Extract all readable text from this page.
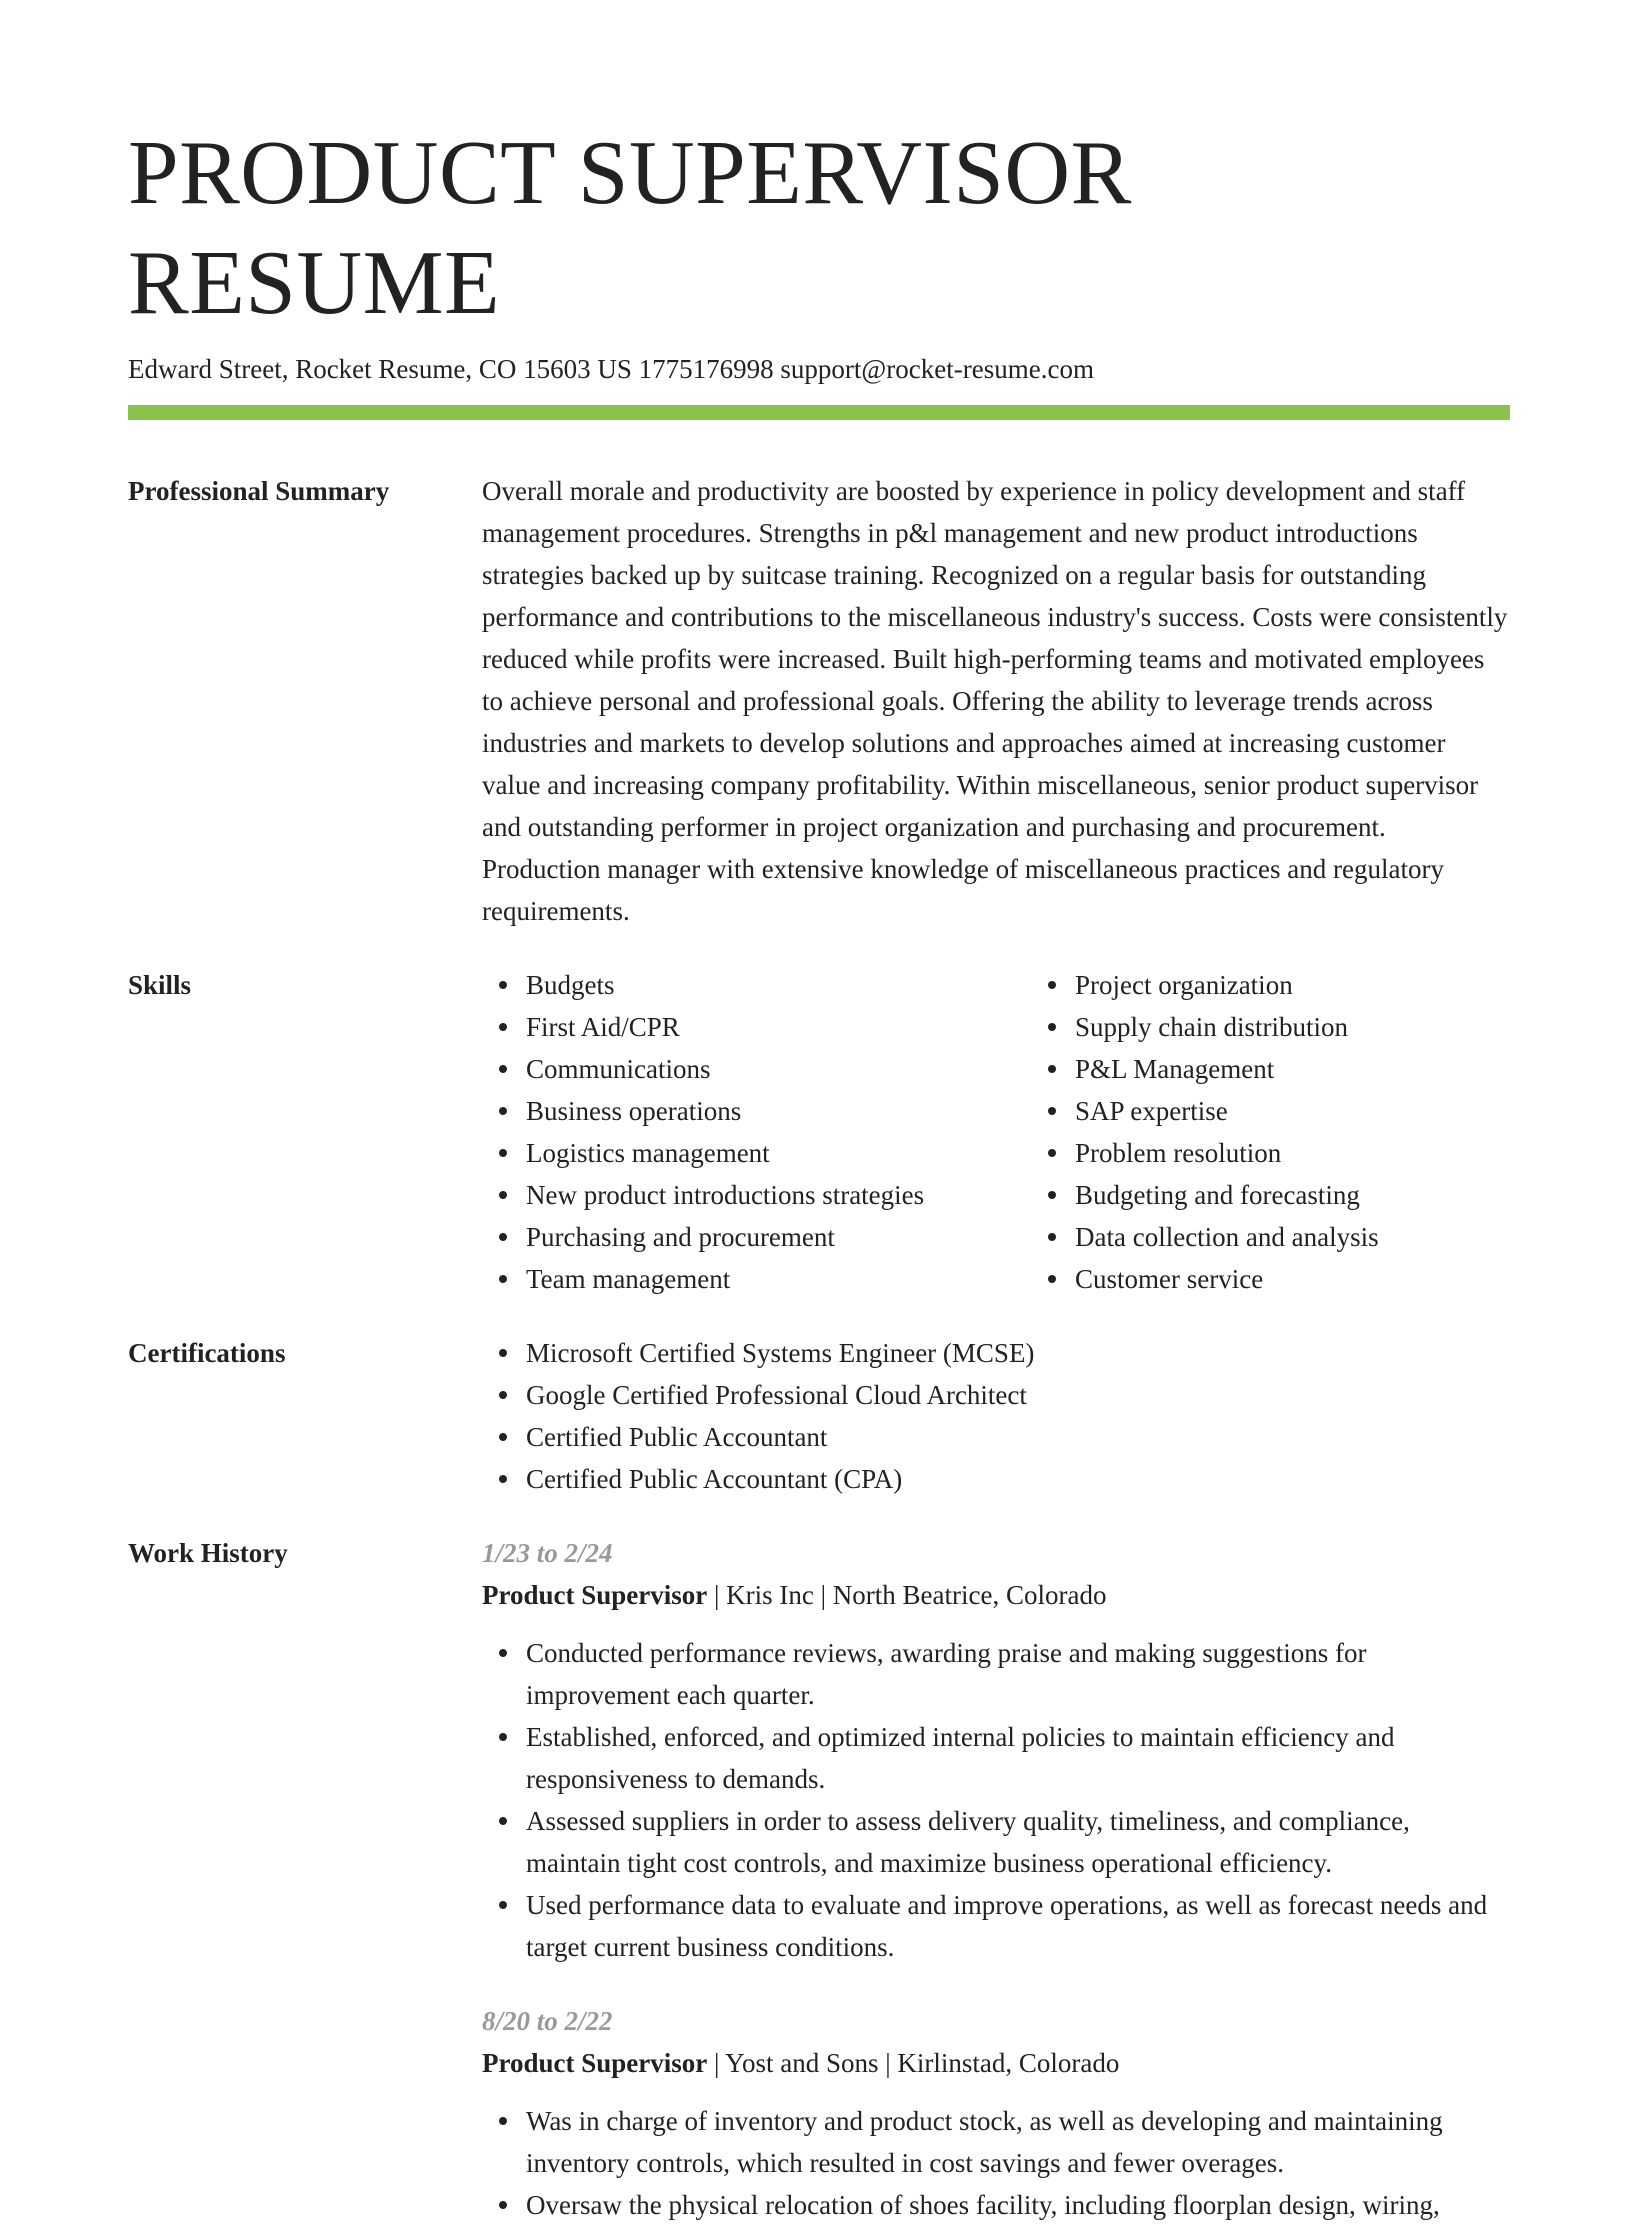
PRODUCT SUPERVISOR RESUME
Edward Street, Rocket Resume, CO 15603 US 1775176998 support@rocket-resume.com
Professional Summary	Overall morale and productivity are boosted by experience in policy development and staff management procedures. Strengths in p&l management and new product introductions strategies backed up by suitcase training. Recognized on a regular basis for outstanding performance and contributions to the miscellaneous industry's success. Costs were consistently reduced while profits were increased. Built high-performing teams and motivated employees to achieve personal and professional goals. Offering the ability to leverage trends across industries and markets to develop solutions and approaches aimed at increasing customer value and increasing company profitability. Within miscellaneous, senior product supervisor and outstanding performer in project organization and purchasing and procurement. Production manager with extensive knowledge of miscellaneous practices and regulatory requirements.
Skills	Budgets
First Aid/CPR
Communications
Business operations
Logistics management
New product introductions strategies
Purchasing and procurement
Team management
Project organization
Supply chain distribution
P&L Management
SAP expertise
Problem resolution
Budgeting and forecasting
Data collection and analysis
Customer service
Certifications	Microsoft Certified Systems Engineer (MCSE)
Google Certified Professional Cloud Architect
Certified Public Accountant
Certified Public Accountant (CPA)
Work History	1/23 to 2/24
Product Supervisor | Kris Inc | North Beatrice, Colorado
Conducted performance reviews, awarding praise and making suggestions for improvement each quarter.
Established, enforced, and optimized internal policies to maintain efficiency and responsiveness to demands.
Assessed suppliers in order to assess delivery quality, timeliness, and compliance, maintain tight cost controls, and maximize business operational efficiency.
Used performance data to evaluate and improve operations, as well as forecast needs and target current business conditions.
8/20 to 2/22
Product Supervisor | Yost and Sons | Kirlinstad, Colorado
Was in charge of inventory and product stock, as well as developing and maintaining inventory controls, which resulted in cost savings and fewer overages.
Oversaw the physical relocation of shoes facility, including floorplan design, wiring,
